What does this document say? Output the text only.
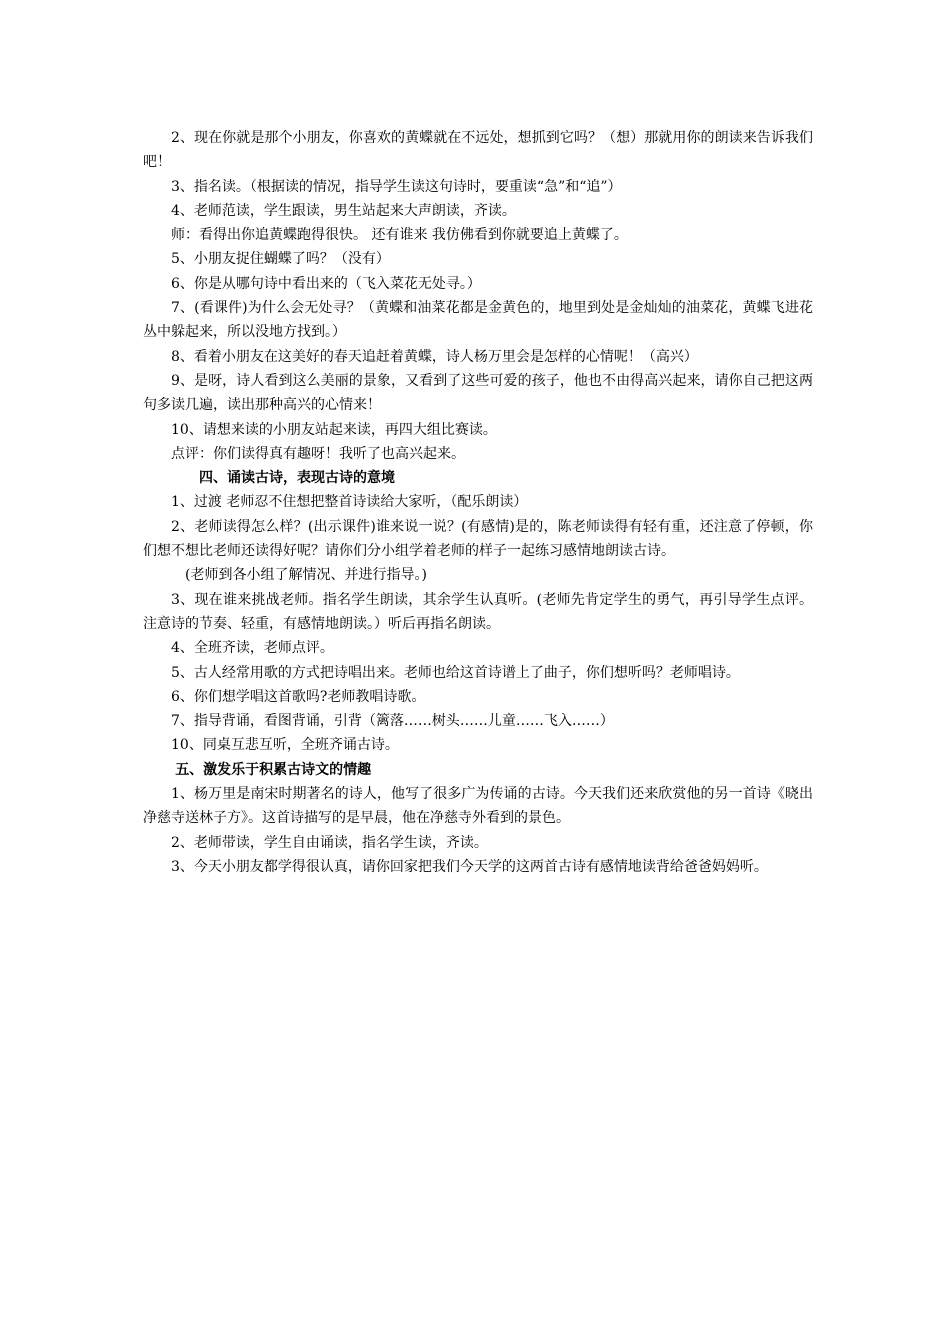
2、现在你就是那个小朋友，你喜欢的黄蝶就在不远处，想抓到它吗？（想）那就用你的朗读来告诉我们吧！

3、指名读。（根据读的情况，指导学生读这句诗时，要重读“急”和“追”）

4、老师范读，学生跟读，男生站起来大声朗读，齐读。

师：看得出你追黄蝶跑得很快。 还有谁来 我仿佛看到你就要追上黄蝶了。

5、小朋友捉住蝴蝶了吗？（没有）

6、你是从哪句诗中看出来的（飞入菜花无处寻。）

7、(看课件)为什么会无处寻？（黄蝶和油菜花都是金黄色的，地里到处是金灿灿的油菜花，黄蝶飞进花丛中躲起来，所以没地方找到。）

8、看着小朋友在这美好的春天追赶着黄蝶，诗人杨万里会是怎样的心情呢！（高兴）

9、是呀，诗人看到这么美丽的景象，又看到了这些可爱的孩子，他也不由得高兴起来，请你自己把这两句多读几遍，读出那种高兴的心情来！

10、请想来读的小朋友站起来读，再四大组比赛读。

点评：你们读得真有趣呀！我听了也高兴起来。

四、诵读古诗，表现古诗的意境

1、过渡 老师忍不住想把整首诗读给大家听，（配乐朗读）

2、老师读得怎么样？(出示课件)谁来说一说？(有感情)是的，陈老师读得有轻有重，还注意了停顿，你们想不想比老师还读得好呢？请你们分小组学着老师的样子一起练习感情地朗读古诗。

(老师到各小组了解情况、并进行指导。)

3、现在谁来挑战老师。指名学生朗读，其余学生认真听。(老师先肯定学生的勇气，再引导学生点评。注意诗的节奏、轻重，有感情地朗读。）听后再指名朗读。

4、全班齐读，老师点评。

5、古人经常用歌的方式把诗唱出来。老师也给这首诗谱上了曲子，你们想听吗？老师唱诗。

6、你们想学唱这首歌吗?老师教唱诗歌。

7、指导背诵，看图背诵，引背（篱落……树头……儿童……飞入……）

10、同桌互悲互听，全班齐诵古诗。

五、激发乐于积累古诗文的情趣

1、杨万里是南宋时期著名的诗人，他写了很多广为传诵的古诗。今天我们还来欣赏他的另一首诗《晓出净慈寺送林子方》。这首诗描写的是早晨，他在净慈寺外看到的景色。

2、老师带读，学生自由诵读，指名学生读，齐读。

3、今天小朋友都学得很认真，请你回家把我们今天学的这两首古诗有感情地读背给爸爸妈妈听。
